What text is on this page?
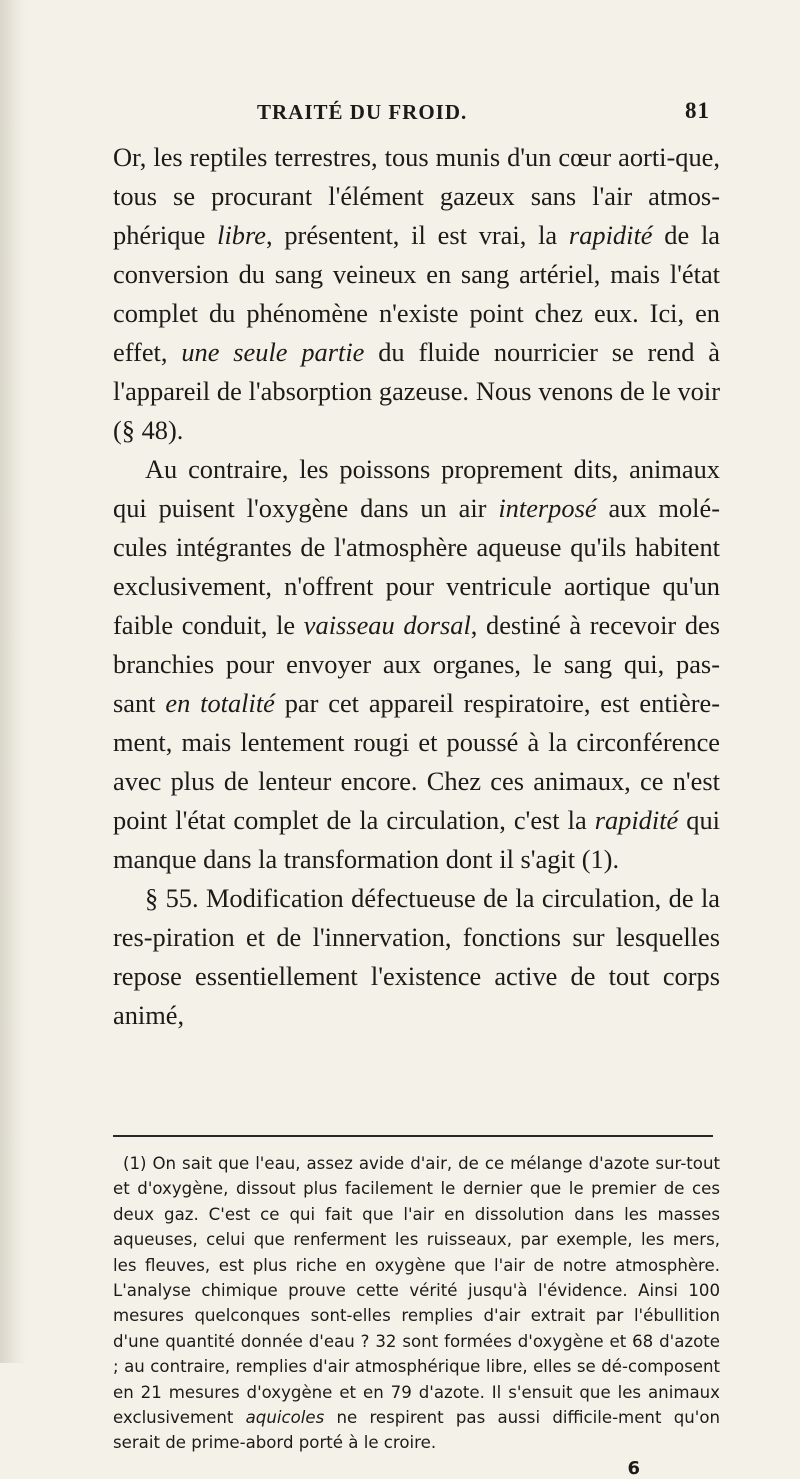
TRAITÉ DU FROID.	81

Or, les reptiles terrestres, tous munis d'un cœur aorti-que, tous se procurant l'élément gazeux sans l'air atmos-phérique libre, présentent, il est vrai, la rapidité de la conversion du sang veineux en sang artériel, mais l'état complet du phénomène n'existe point chez eux. Ici, en effet, une seule partie du fluide nourricier se rend à l'appareil de l'absorption gazeuse. Nous venons de le voir (§ 48).

Au contraire, les poissons proprement dits, animaux qui puisent l'oxygène dans un air interposé aux molé-cules intégrantes de l'atmosphère aqueuse qu'ils habitent exclusivement, n'offrent pour ventricule aortique qu'un faible conduit, le vaisseau dorsal, destiné à recevoir des branchies pour envoyer aux organes, le sang qui, pas-sant en totalité par cet appareil respiratoire, est entière-ment, mais lentement rougi et poussé à la circonférence avec plus de lenteur encore. Chez ces animaux, ce n'est point l'état complet de la circulation, c'est la rapidité qui manque dans la transformation dont il s'agit (1).

§ 55. Modification défectueuse de la circulation, de la res-piration et de l'innervation, fonctions sur lesquelles repose essentiellement l'existence active de tout corps animé,

(1) On sait que l'eau, assez avide d'air, de ce mélange d'azote sur-tout et d'oxygène, dissout plus facilement le dernier que le premier de ces deux gaz. C'est ce qui fait que l'air en dissolution dans les masses aqueuses, celui que renferment les ruisseaux, par exemple, les mers, les fleuves, est plus riche en oxygène que l'air de notre atmosphère. L'analyse chimique prouve cette vérité jusqu'à l'évidence. Ainsi 100 mesures quelconques sont-elles remplies d'air extrait par l'ébullition d'une quantité donnée d'eau ? 32 sont formées d'oxygène et 68 d'azote ; au contraire, remplies d'air atmosphérique libre, elles se dé-composent en 21 mesures d'oxygène et en 79 d'azote. Il s'ensuit que les animaux exclusivement aquicoles ne respirent pas aussi difficile-ment qu'on serait de prime-abord porté à le croire.

6
